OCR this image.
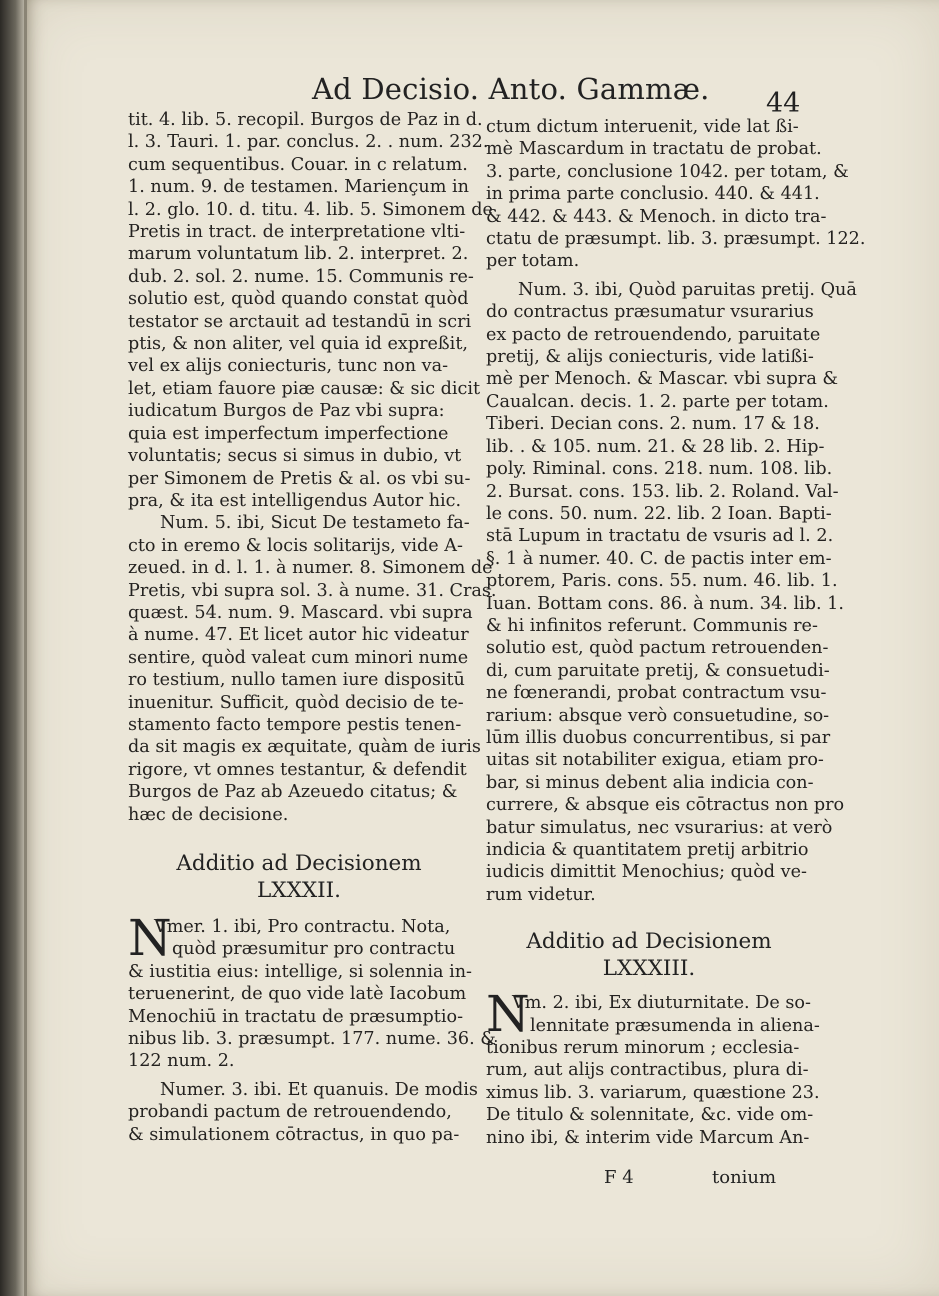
Ad Decisio. Anto. Gammæ. 44
tit. 4. lib. 5. recopil. Burgos de Paz in d.
l. 3. Tauri. 1. par. conclus. 2. . num. 232.
cum sequentibus. Couar. in c relatum.
1. num. 9. de testamen. Mariençum in
l. 2. glo. 10. d. titu. 4. lib. 5. Simonem de
Pretis in tract. de interpretatione vlti-
marum voluntatum lib. 2. interpret. 2.
dub. 2. sol. 2. nume. 15. Communis re-
solutio est, quòd quando constat quòd
testator se arctauit ad testandū in scri
ptis, & non aliter, vel quia id expreßit,
vel ex alijs coniecturis, tunc non va-
let, etiam fauore piæ causæ: & sic dicit
iudicatum Burgos de Paz vbi supra:
quia est imperfectum imperfectione
voluntatis; secus si simus in dubio, vt
per Simonem de Pretis & al. os vbi su-
pra, & ita est intelligendus Autor hic.
Num. 5. ibi, Sicut De testameto fa-
cto in eremo & locis solitarijs, vide A-
zeued. in d. l. 1. à numer. 8. Simonem de
Pretis, vbi supra sol. 3. à nume. 31. Cras.
quæst. 54. num. 9. Mascard. vbi supra
à nume. 47. Et licet autor hic videatur
sentire, quòd valeat cum minori nume
ro testium, nullo tamen iure dispositū
inuenitur. Sufficit, quòd decisio de te-
stamento facto tempore pestis tenen-
da sit magis ex æquitate, quàm de iuris
rigore, vt omnes testantur, & defendit
Burgos de Paz ab Azeuedo citatus; &
hæc de decisione.
Additio ad Decisionem
LXXXII.
N
Vmer. 1. ibi, Pro contractu. Nota,
quòd præsumitur pro contractu
& iustitia eius: intellige, si solennia in-
teruenerint, de quo vide latè Iacobum
Menochiū in tractatu de præsumptio-
nibus lib. 3. præsumpt. 177. nume. 36. &
122 num. 2.
Numer. 3. ibi. Et quanuis. De modis
probandi pactum de retrouendendo,
& simulationem cōtractus, in quo pa-
ctum dictum interuenit, vide lat ßi-
mè Mascardum in tractatu de probat.
3. parte, conclusione 1042. per totam, &
in prima parte conclusio. 440. & 441.
& 442. & 443. & Menoch. in dicto tra-
ctatu de præsumpt. lib. 3. præsumpt. 122.
per totam.
Num. 3. ibi, Quòd paruitas pretij. Quā
do contractus præsumatur vsurarius
ex pacto de retrouendendo, paruitate
pretij, & alijs coniecturis, vide latißi-
mè per Menoch. & Mascar. vbi supra &
Caualcan. decis. 1. 2. parte per totam.
Tiberi. Decian cons. 2. num. 17 & 18.
lib. . & 105. num. 21. & 28 lib. 2. Hip-
poly. Riminal. cons. 218. num. 108. lib.
2. Bursat. cons. 153. lib. 2. Roland. Val-
le cons. 50. num. 22. lib. 2 Ioan. Bapti-
stā Lupum in tractatu de vsuris ad l. 2.
§. 1 à numer. 40. C. de pactis inter em-
ptorem, Paris. cons. 55. num. 46. lib. 1.
Iuan. Bottam cons. 86. à num. 34. lib. 1.
& hi infinitos referunt. Communis re-
solutio est, quòd pactum retrouenden-
di, cum paruitate pretij, & consuetudi-
ne fœnerandi, probat contractum vsu-
rarium: absque verò consuetudine, so-
lūm illis duobus concurrentibus, si par
uitas sit notabiliter exigua, etiam pro-
bar, si minus debent alia indicia con-
currere, & absque eis cōtractus non pro
batur simulatus, nec vsurarius: at verò
indicia & quantitatem pretij arbitrio
iudicis dimittit Menochius; quòd ve-
rum videtur.
Additio ad Decisionem
LXXXIII.
N
Vm. 2. ibi, Ex diuturnitate. De so-
lennitate præsumenda in aliena-
tionibus rerum minorum ; ecclesia-
rum, aut alijs contractibus, plura di-
ximus lib. 3. variarum, quæstione 23.
De titulo & solennitate, &c. vide om-
nino ibi, & interim vide Marcum An-
F 4	tonium
